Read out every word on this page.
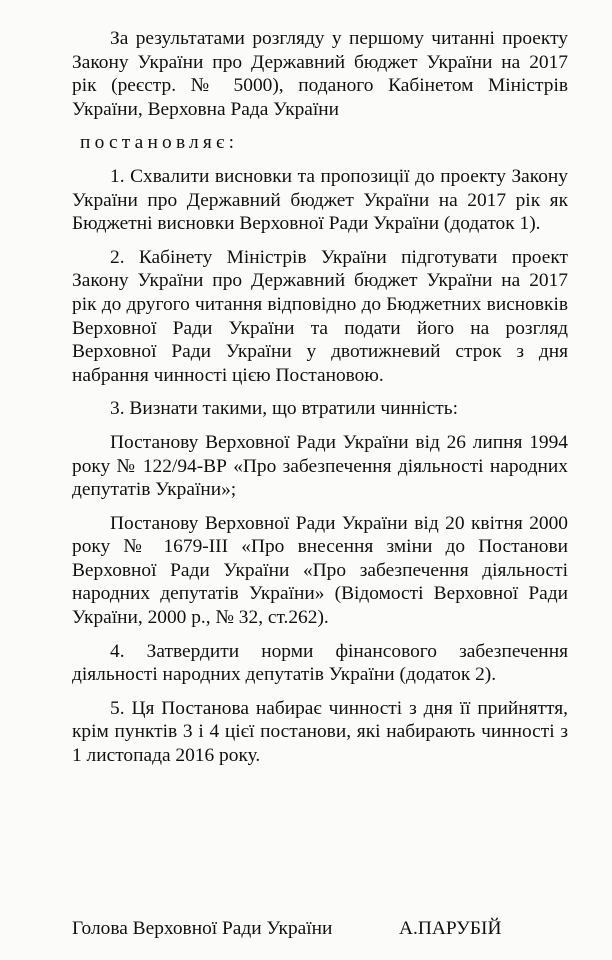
За результатами розгляду у першому читанні проекту Закону України про Державний бюджет України на 2017 рік (реєстр. № 5000), поданого Кабінетом Міністрів України, Верховна Рада України

постановляє:

1. Схвалити висновки та пропозиції до проекту Закону України про Державний бюджет України на 2017 рік як Бюджетні висновки Верховної Ради України (додаток 1).

2. Кабінету Міністрів України підготувати проект Закону України про Державний бюджет України на 2017 рік до другого читання відповідно до Бюджетних висновків Верховної Ради України та подати його на розгляд Верховної Ради України у двотижневий строк з дня набрання чинності цією Постановою.

3. Визнати такими, що втратили чинність:

Постанову Верховної Ради України від 26 липня 1994 року № 122/94-ВР «Про забезпечення діяльності народних депутатів України»;

Постанову Верховної Ради України від 20 квітня 2000 року № 1679-ІІІ «Про внесення зміни до Постанови Верховної Ради України «Про забезпечення діяльності народних депутатів України» (Відомості Верховної Ради України, 2000 р., № 32, ст.262).

4. Затвердити норми фінансового забезпечення діяльності народних депутатів України (додаток 2).

5. Ця Постанова набирає чинності з дня її прийняття, крім пунктів 3 і 4 цієї постанови, які набирають чинності з 1 листопада 2016 року.

Голова Верховної Ради України	А.ПАРУБІЙ
